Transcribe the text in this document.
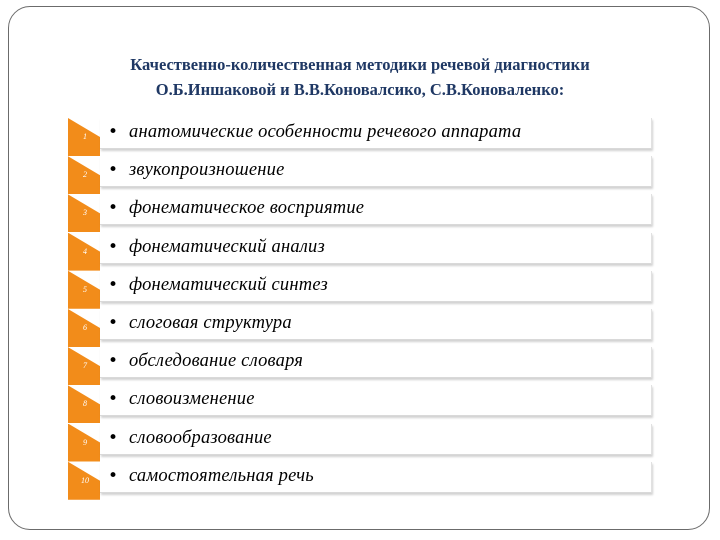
Качественно-количественная методики речевой диагностики
О.Б.Иншаковой и В.В.Коновалсико, С.В.Коноваленко:
1 • анатомические особенности речевого аппарата
2 • звукопроизношение
3 • фонематическое восприятие
4 • фонематический анализ
5 • фонематический синтез
6 • слоговая структура
7 • обследование словаря
8 • словоизменение
9 • словообразование
10 • самостоятельная речь
